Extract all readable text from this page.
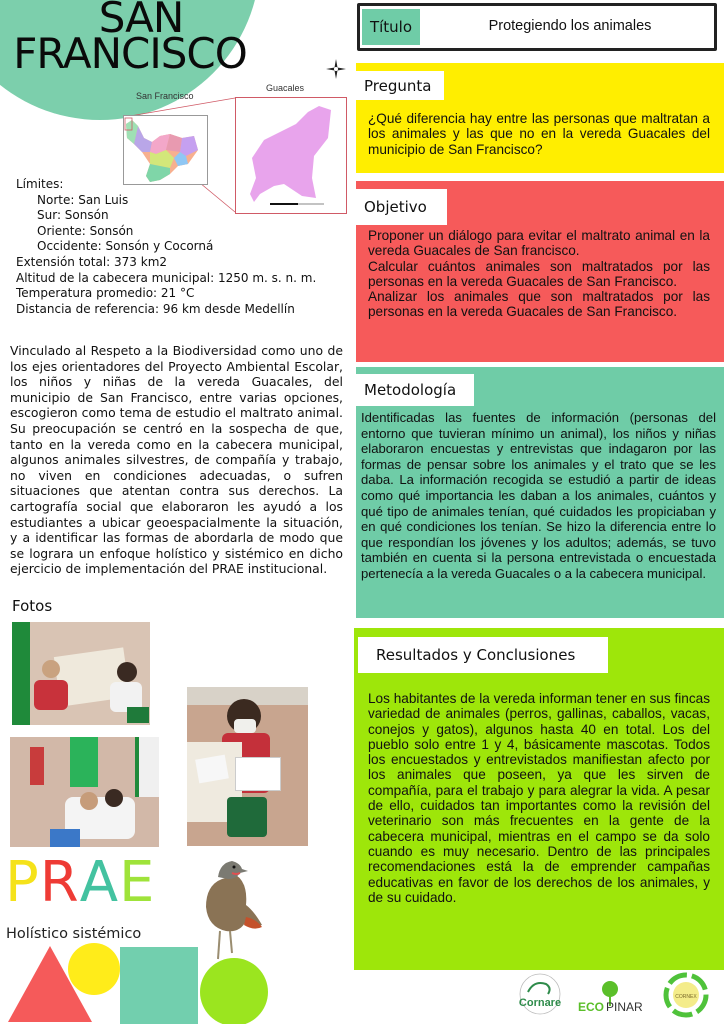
SAN
FRANCISCO
San Francisco
Guacales
Límites:
Norte: San Luis
Sur: Sonsón
Oriente: Sonsón
Occidente: Sonsón y Cocorná
Extensión total: 373 km2
Altitud de la cabecera municipal: 1250 m. s. n. m.
Temperatura promedio: 21 °C
Distancia de referencia: 96 km desde Medellín
Vinculado al Respeto a la Biodiversidad como uno de los ejes orientadores del Proyecto Ambiental Escolar, los niños y niñas de la vereda Guacales, del municipio de San Francisco, entre varias opciones, escogieron como tema de estudio el maltrato animal. Su preocupación se centró en la sospecha de que, tanto en la vereda como en la cabecera municipal, algunos animales silvestres, de compañía y trabajo, no viven en condiciones adecuadas, o sufren situaciones que atentan contra sus derechos. La cartografía social que elaboraron les ayudó a los estudiantes a ubicar geoespacialmente la situación, y a identificar las formas de abordarla de modo que se lograra un enfoque holístico y sistémico en dicho ejercicio de implementación del PRAE institucional.
Fotos
PRAE
Holístico sistémico
Título	Protegiendo los animales
Pregunta
¿Qué diferencia hay entre las personas que maltratan a los animales y las que no en la vereda Guacales del municipio de San Francisco?
Objetivo
Proponer un diálogo para evitar el maltrato animal en la vereda Guacales de San francisco.
Calcular cuántos animales son maltratados por las personas en la vereda Guacales de San Francisco.
Analizar los animales que son maltratados por las personas en la vereda Guacales de San Francisco.
Metodología
Identificadas las fuentes de información (personas del entorno que tuvieran mínimo un animal), los niños y niñas elaboraron encuestas y entrevistas que indagaron por las formas de pensar sobre los animales y el trato que se les daba. La información recogida se estudió a partir de ideas como qué importancia les daban a los animales, cuántos y qué tipo de animales tenían, qué cuidados les propiciaban y en qué condiciones los tenían. Se hizo la diferencia entre lo que respondían los jóvenes y los adultos; además, se tuvo también en cuenta si la persona entrevistada o encuestada pertenecía a la vereda Guacales o a la cabecera municipal.
Resultados y Conclusiones
Los habitantes de la vereda informan tener en sus fincas variedad de animales (perros, gallinas, caballos, vacas, conejos y gatos), algunos hasta 40 en total. Los del pueblo solo entre 1 y 4, básicamente mascotas. Todos los encuestados y entrevistados manifiestan afecto por los animales que poseen, ya que les sirven de compañía, para el trabajo y para alegrar la vida. A pesar de ello, cuidados tan importantes como la revisión del veterinario son más frecuentes en la gente de la cabecera municipal, mientras en el campo se da solo cuando es muy necesario. Dentro de las principales recomendaciones está la de emprender campañas educativas en favor de los derechos de los animales, y de su cuidado.
Cornare ECO PINAR
CORNEX
